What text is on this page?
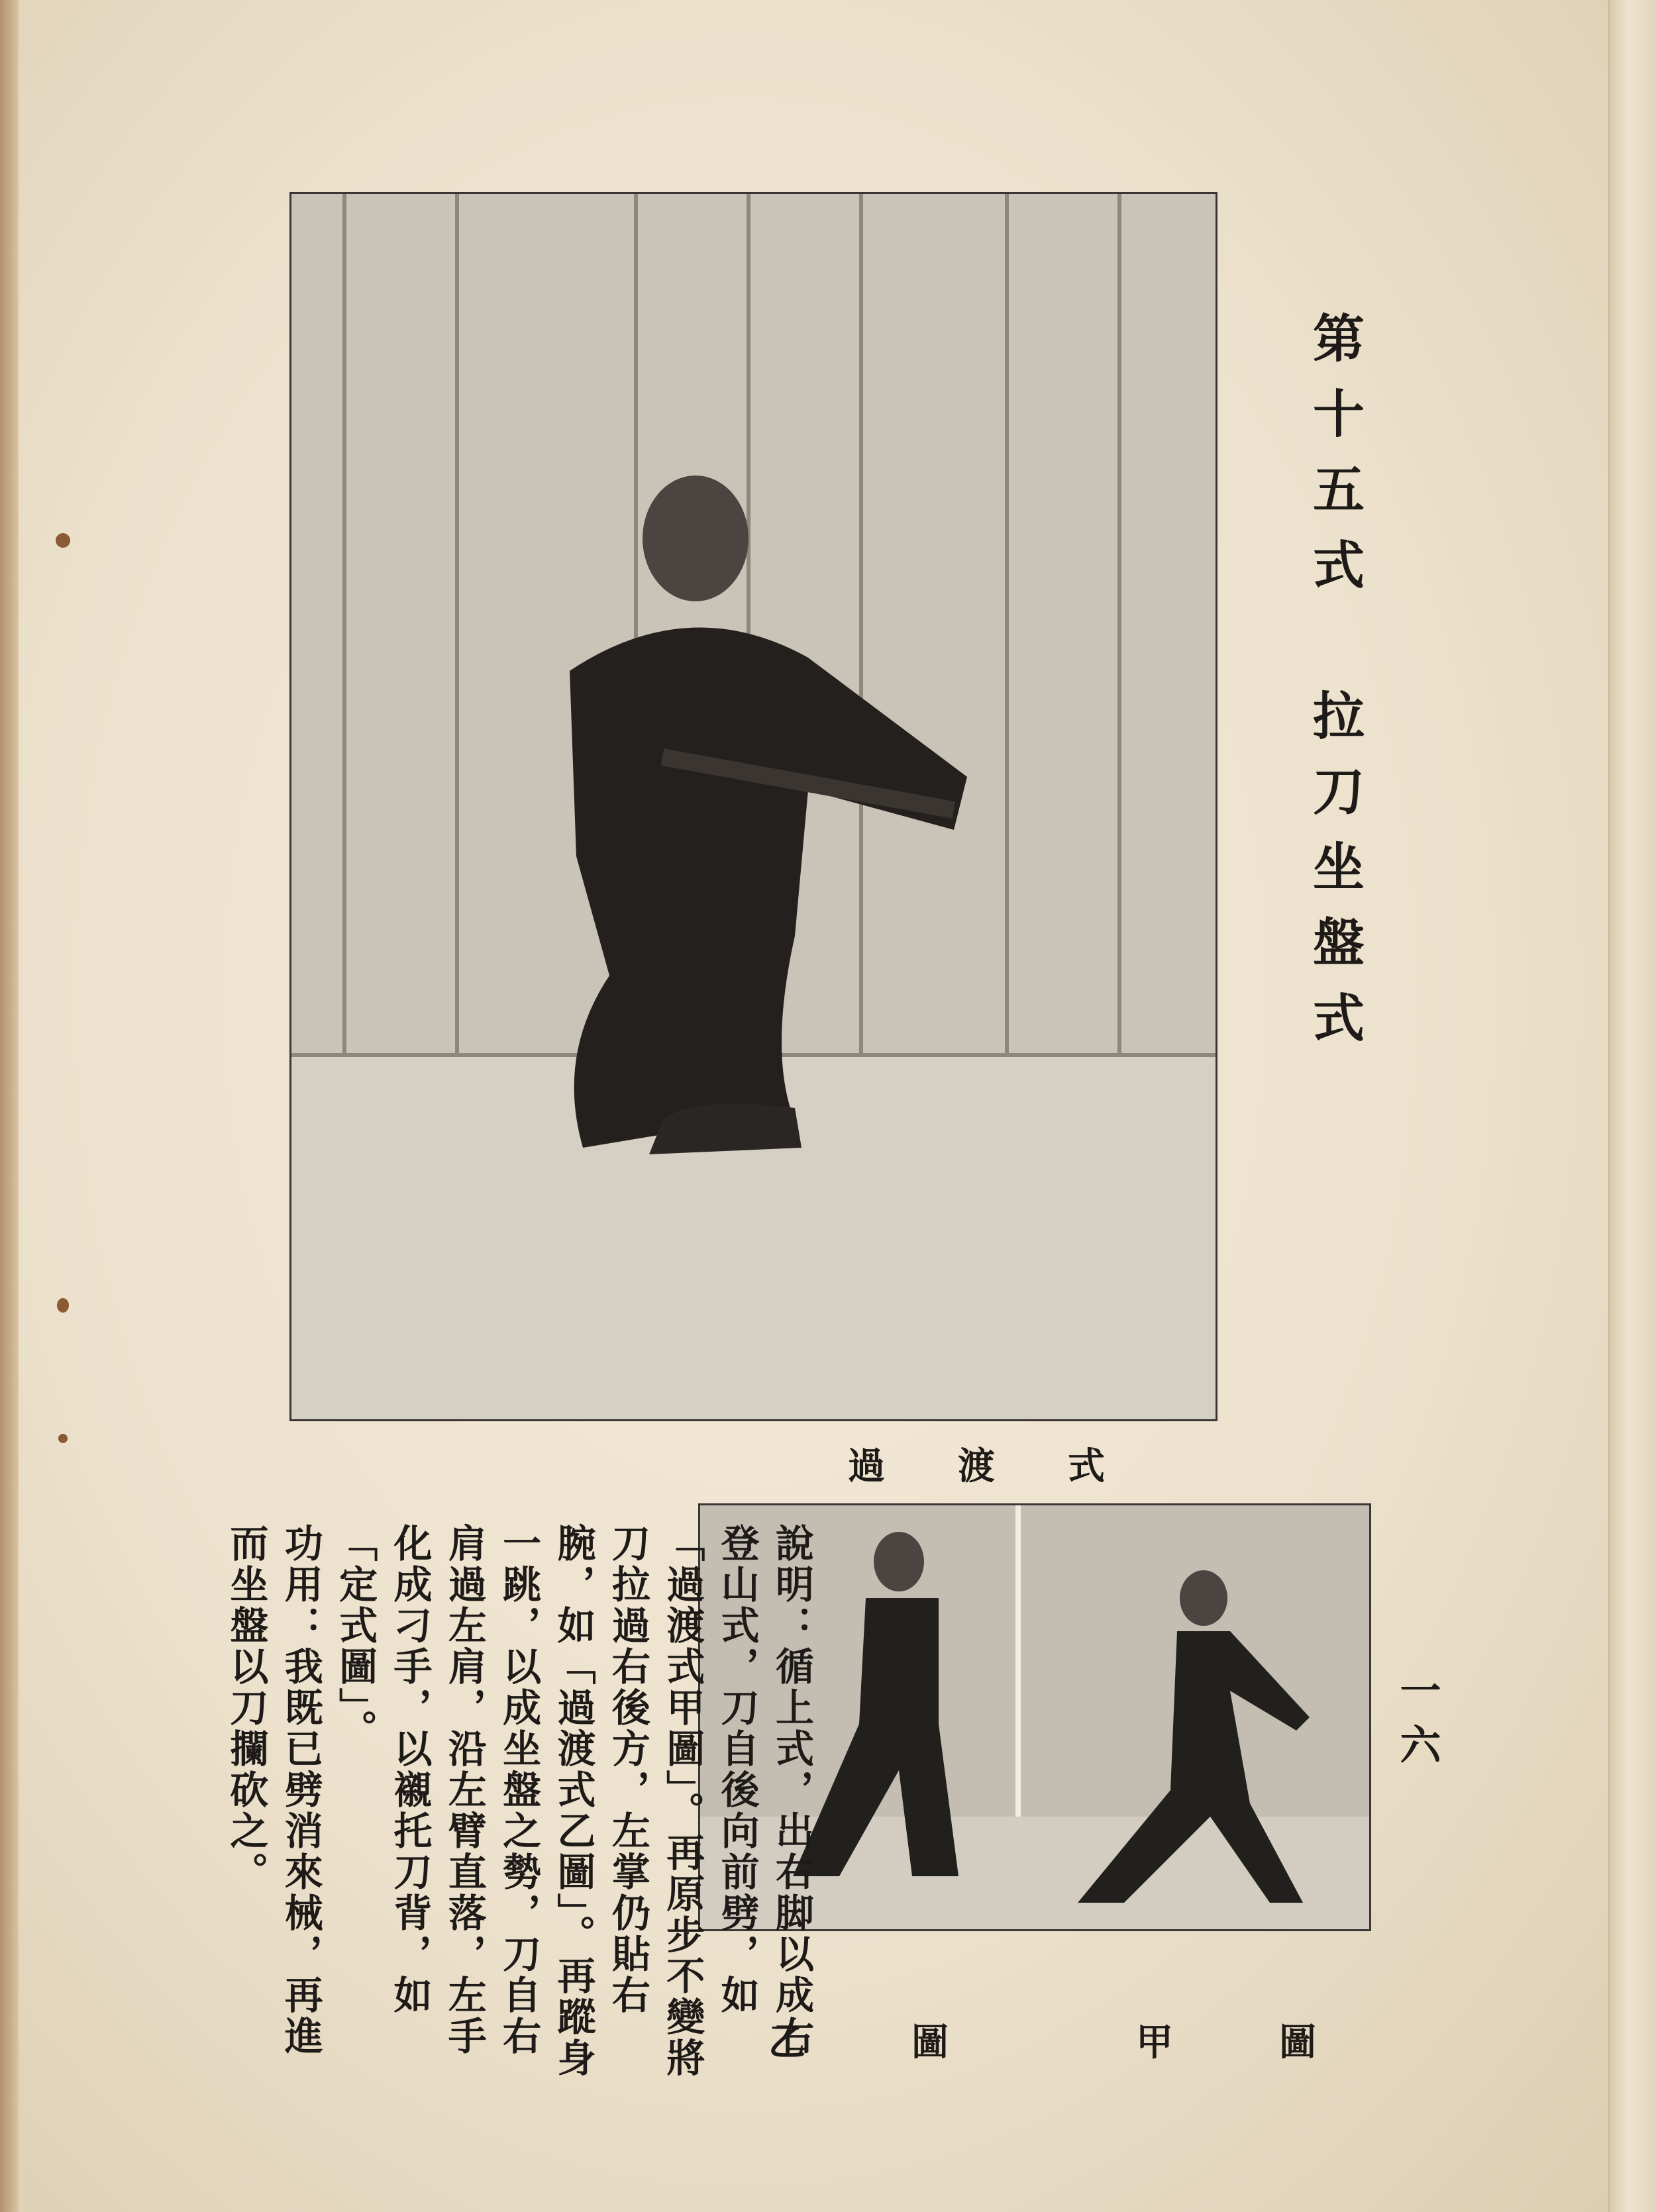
過渡式
甲圖
乙圖
第十五式　拉刀坐盤式
一六

說明：循上式，出右脚以成右登山式，刀自後向前劈，如「過渡式甲圖」。再原步不變將刀拉過右後方，左掌仍貼右腕，如「過渡式乙圖」。再蹤身一跳，以成坐盤之勢，刀自右肩過左肩，沿左臂直落，左手化成刁手，以襯托刀背，如「定式圖」。

功用：我既已劈消來械，再進而坐盤以刀攔砍之。
